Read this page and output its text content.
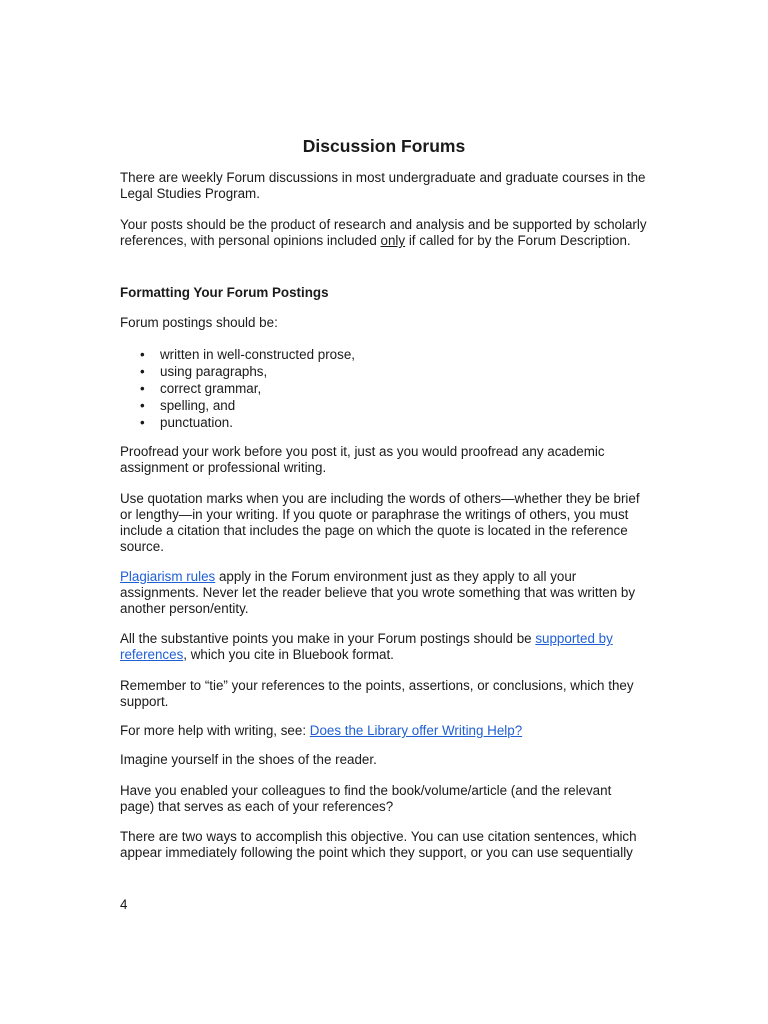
Discussion Forums

There are weekly Forum discussions in most undergraduate and graduate courses in the Legal Studies Program.

Your posts should be the product of research and analysis and be supported by scholarly references, with personal opinions included only if called for by the Forum Description.

Formatting Your Forum Postings

Forum postings should be:

• written in well-constructed prose,
• using paragraphs,
• correct grammar,
• spelling, and
• punctuation.

Proofread your work before you post it, just as you would proofread any academic assignment or professional writing.

Use quotation marks when you are including the words of others—whether they be brief or lengthy—in your writing. If you quote or paraphrase the writings of others, you must include a citation that includes the page on which the quote is located in the reference source.

Plagiarism rules apply in the Forum environment just as they apply to all your assignments. Never let the reader believe that you wrote something that was written by another person/entity.

All the substantive points you make in your Forum postings should be supported by references, which you cite in Bluebook format.

Remember to “tie” your references to the points, assertions, or conclusions, which they support.

For more help with writing, see: Does the Library offer Writing Help?

Imagine yourself in the shoes of the reader.

Have you enabled your colleagues to find the book/volume/article (and the relevant page) that serves as each of your references?

There are two ways to accomplish this objective. You can use citation sentences, which appear immediately following the point which they support, or you can use sequentially

4
